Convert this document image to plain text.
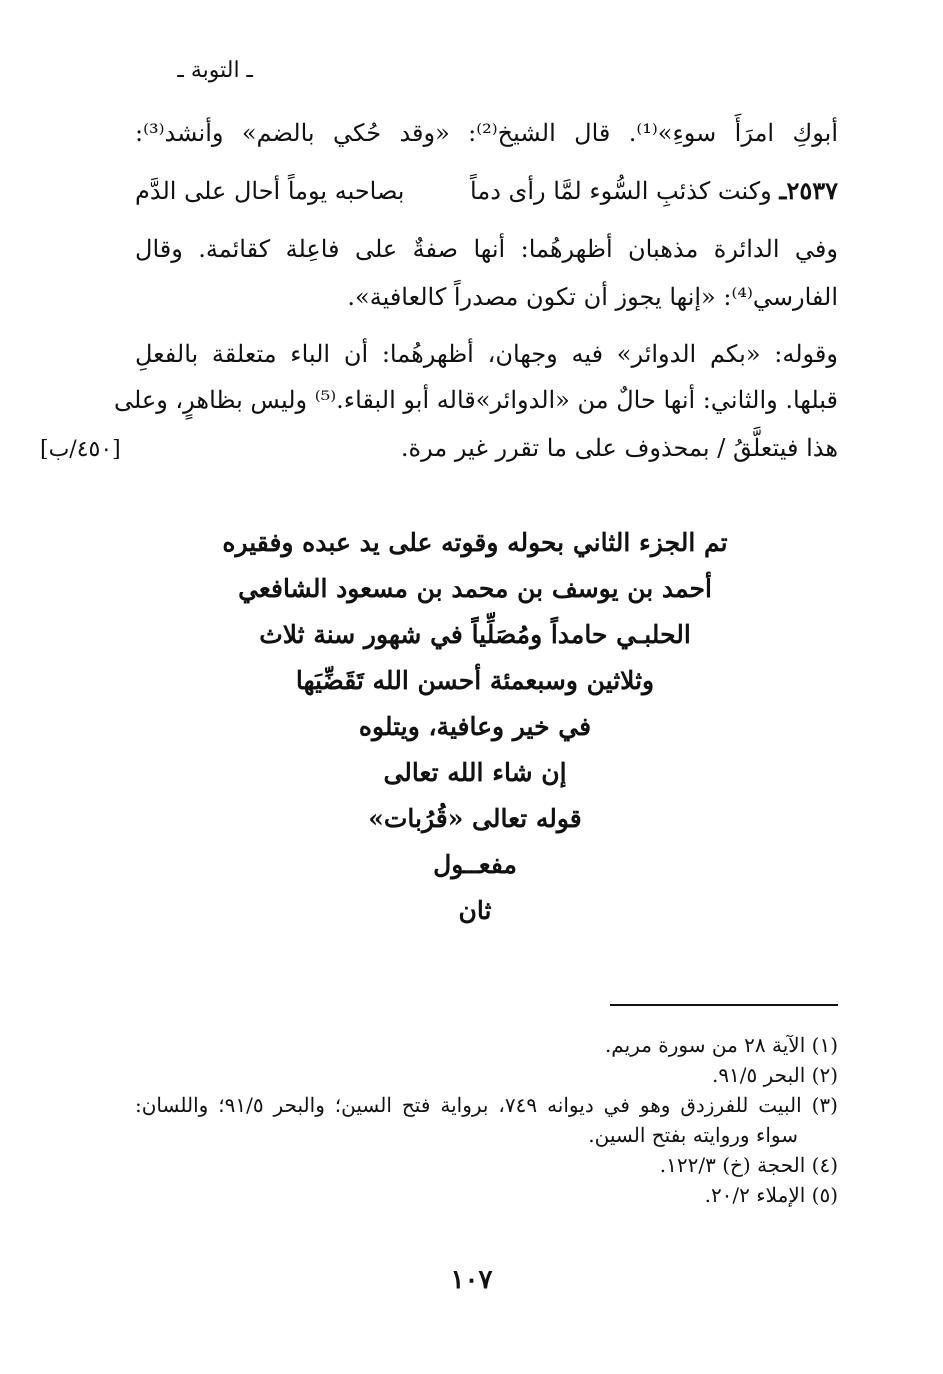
ـ التوبة ـ
أبوكِ امرَأَ سوءِ»⁽¹⁾. قال الشيخ⁽²⁾: «وقد حُكي بالضم» وأنشد⁽³⁾:
٢٥٣٧ـ وكنت كذئبِ السُّوء لمَّا رأى دماً
بصاحبه يوماً أحال على الدَّم
وفي الدائرة مذهبان أظهرهُما: أنها صفةٌ على فاعِلة كقائمة. وقال
الفارسي⁽⁴⁾: «إنها يجوز أن تكون مصدراً كالعافية».
وقوله: «بكم الدوائر» فيه وجهان، أظهرهُما: أن الباء متعلقة بالفعلِ
قبلها. والثاني: أنها حالٌ من «الدوائر»قاله أبو البقاء.⁽⁵⁾ وليس بظاهرٍ، وعلى
هذا فيتعلَّقُ / بمحذوف على ما تقرر غير مرة.
[٤٥٠/ب]
تم الجزء الثاني بحوله وقوته على يد عبده وفقيره
أحمد بن يوسف بن محمد بن مسعود الشافعي
الحلبـي حامداً ومُصَلِّياً في شهور سنة ثلاث
وثلاثين وسبعمئة أحسن الله تَقَضِّيَها
في خير وعافية، ويتلوه
إن شاء الله تعالى
قوله تعالى «قُرُبات»
مفعــول
ثان
(١) الآية ٢٨ من سورة مريم.
(٢) البحر ٩١/٥.
(٣) البيت للفرزدق وهو في ديوانه ٧٤٩، برواية فتح السين؛ والبحر ٩١/٥؛ واللسان:
سواء وروايته بفتح السين.
(٤) الحجة (خ) ١٢٢/٣.
(٥) الإملاء ٢٠/٢.
١٠٧
